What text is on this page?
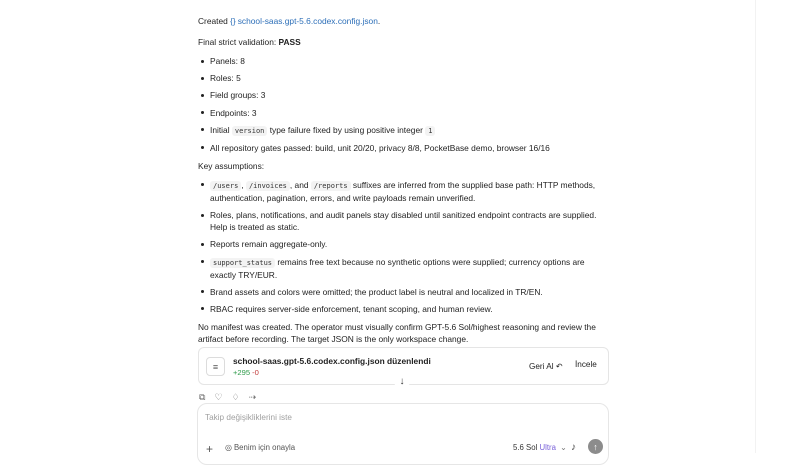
Created {} school-saas.gpt-5.6.codex.config.json.
Final strict validation: PASS
Panels: 8
Roles: 5
Field groups: 3
Endpoints: 3
Initial version type failure fixed by using positive integer 1
All repository gates passed: build, unit 20/20, privacy 8/8, PocketBase demo, browser 16/16
Key assumptions:
/users , /invoices , and /reports suffixes are inferred from the supplied base path: HTTP methods, authentication, pagination, errors, and write payloads remain unverified.
Roles, plans, notifications, and audit panels stay disabled until sanitized endpoint contracts are supplied. Help is treated as static.
Reports remain aggregate-only.
support_status remains free text because no synthetic options were supplied; currency options are exactly TRY/EUR.
Brand assets and colors were omitted; the product label is neutral and localized in TR/EN.
RBAC requires server-side enforcement, tenant scoping, and human review.
No manifest was created. The operator must visually confirm GPT-5.6 Sol/highest reasoning and review the artifact before recording. The target JSON is the only workspace change.
≡
school-saas.gpt-5.6.codex.config.json düzenlendi
+295 -0
Geri Al ↶	İncele
↓
⧉ ♡ ♢ ⇢
Takip değişikliklerini iste
+ ◎ Benim için onayla	5.6 Sol Ultra ⌄ ♪	↑
